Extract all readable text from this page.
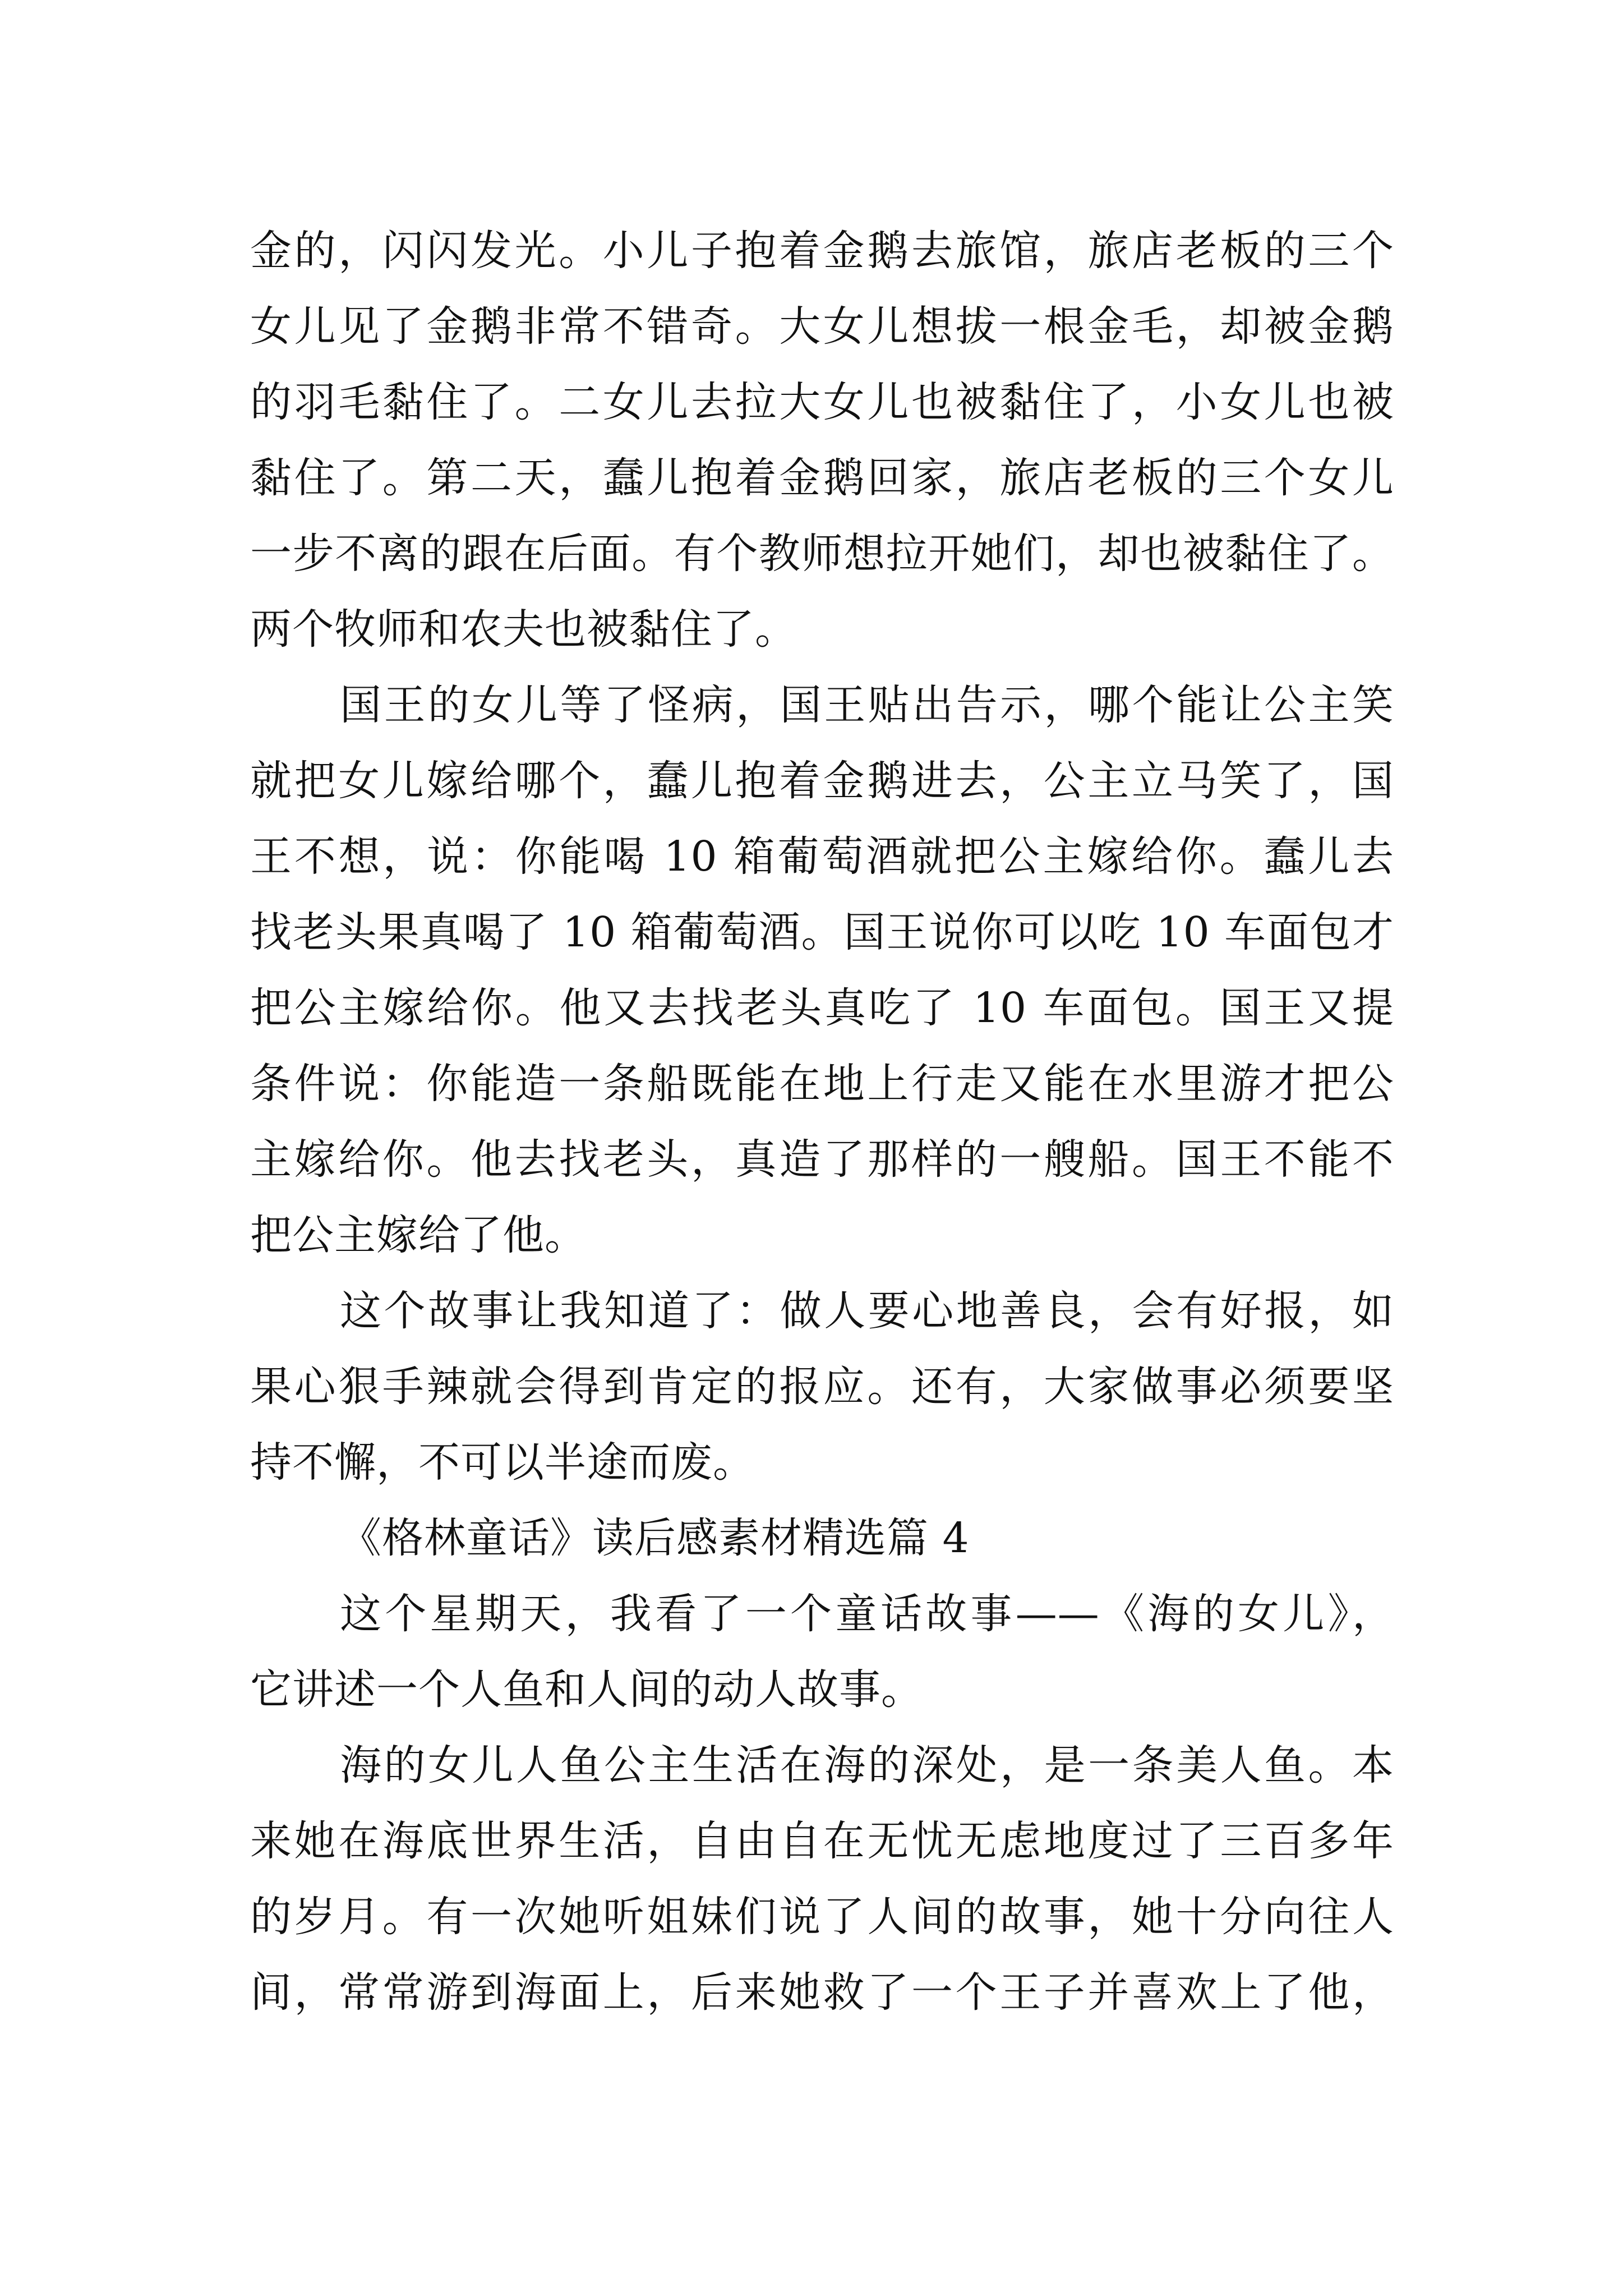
金的，闪闪发光。小儿子抱着金鹅去旅馆，旅店老板的三个
女儿见了金鹅非常不错奇。大女儿想拔一根金毛，却被金鹅
的羽毛黏住了。二女儿去拉大女儿也被黏住了，小女儿也被
黏住了。第二天，蠢儿抱着金鹅回家，旅店老板的三个女儿
一步不离的跟在后面。有个教师想拉开她们，却也被黏住了。
两个牧师和农夫也被黏住了。
国王的女儿等了怪病，国王贴出告示，哪个能让公主笑
就把女儿嫁给哪个，蠢儿抱着金鹅进去，公主立马笑了，国
王不想，说：你能喝 10 箱葡萄酒就把公主嫁给你。蠢儿去
找老头果真喝了 10 箱葡萄酒。国王说你可以吃 10 车面包才
把公主嫁给你。他又去找老头真吃了 10 车面包。国王又提
条件说：你能造一条船既能在地上行走又能在水里游才把公
主嫁给你。他去找老头，真造了那样的一艘船。国王不能不
把公主嫁给了他。
这个故事让我知道了：做人要心地善良，会有好报，如
果心狠手辣就会得到肯定的报应。还有，大家做事必须要坚
持不懈，不可以半途而废。
《格林童话》读后感素材精选篇 4
这个星期天，我看了一个童话故事——《海的女儿》，
它讲述一个人鱼和人间的动人故事。
海的女儿人鱼公主生活在海的深处，是一条美人鱼。本
来她在海底世界生活，自由自在无忧无虑地度过了三百多年
的岁月。有一次她听姐妹们说了人间的故事，她十分向往人
间，常常游到海面上，后来她救了一个王子并喜欢上了他，
